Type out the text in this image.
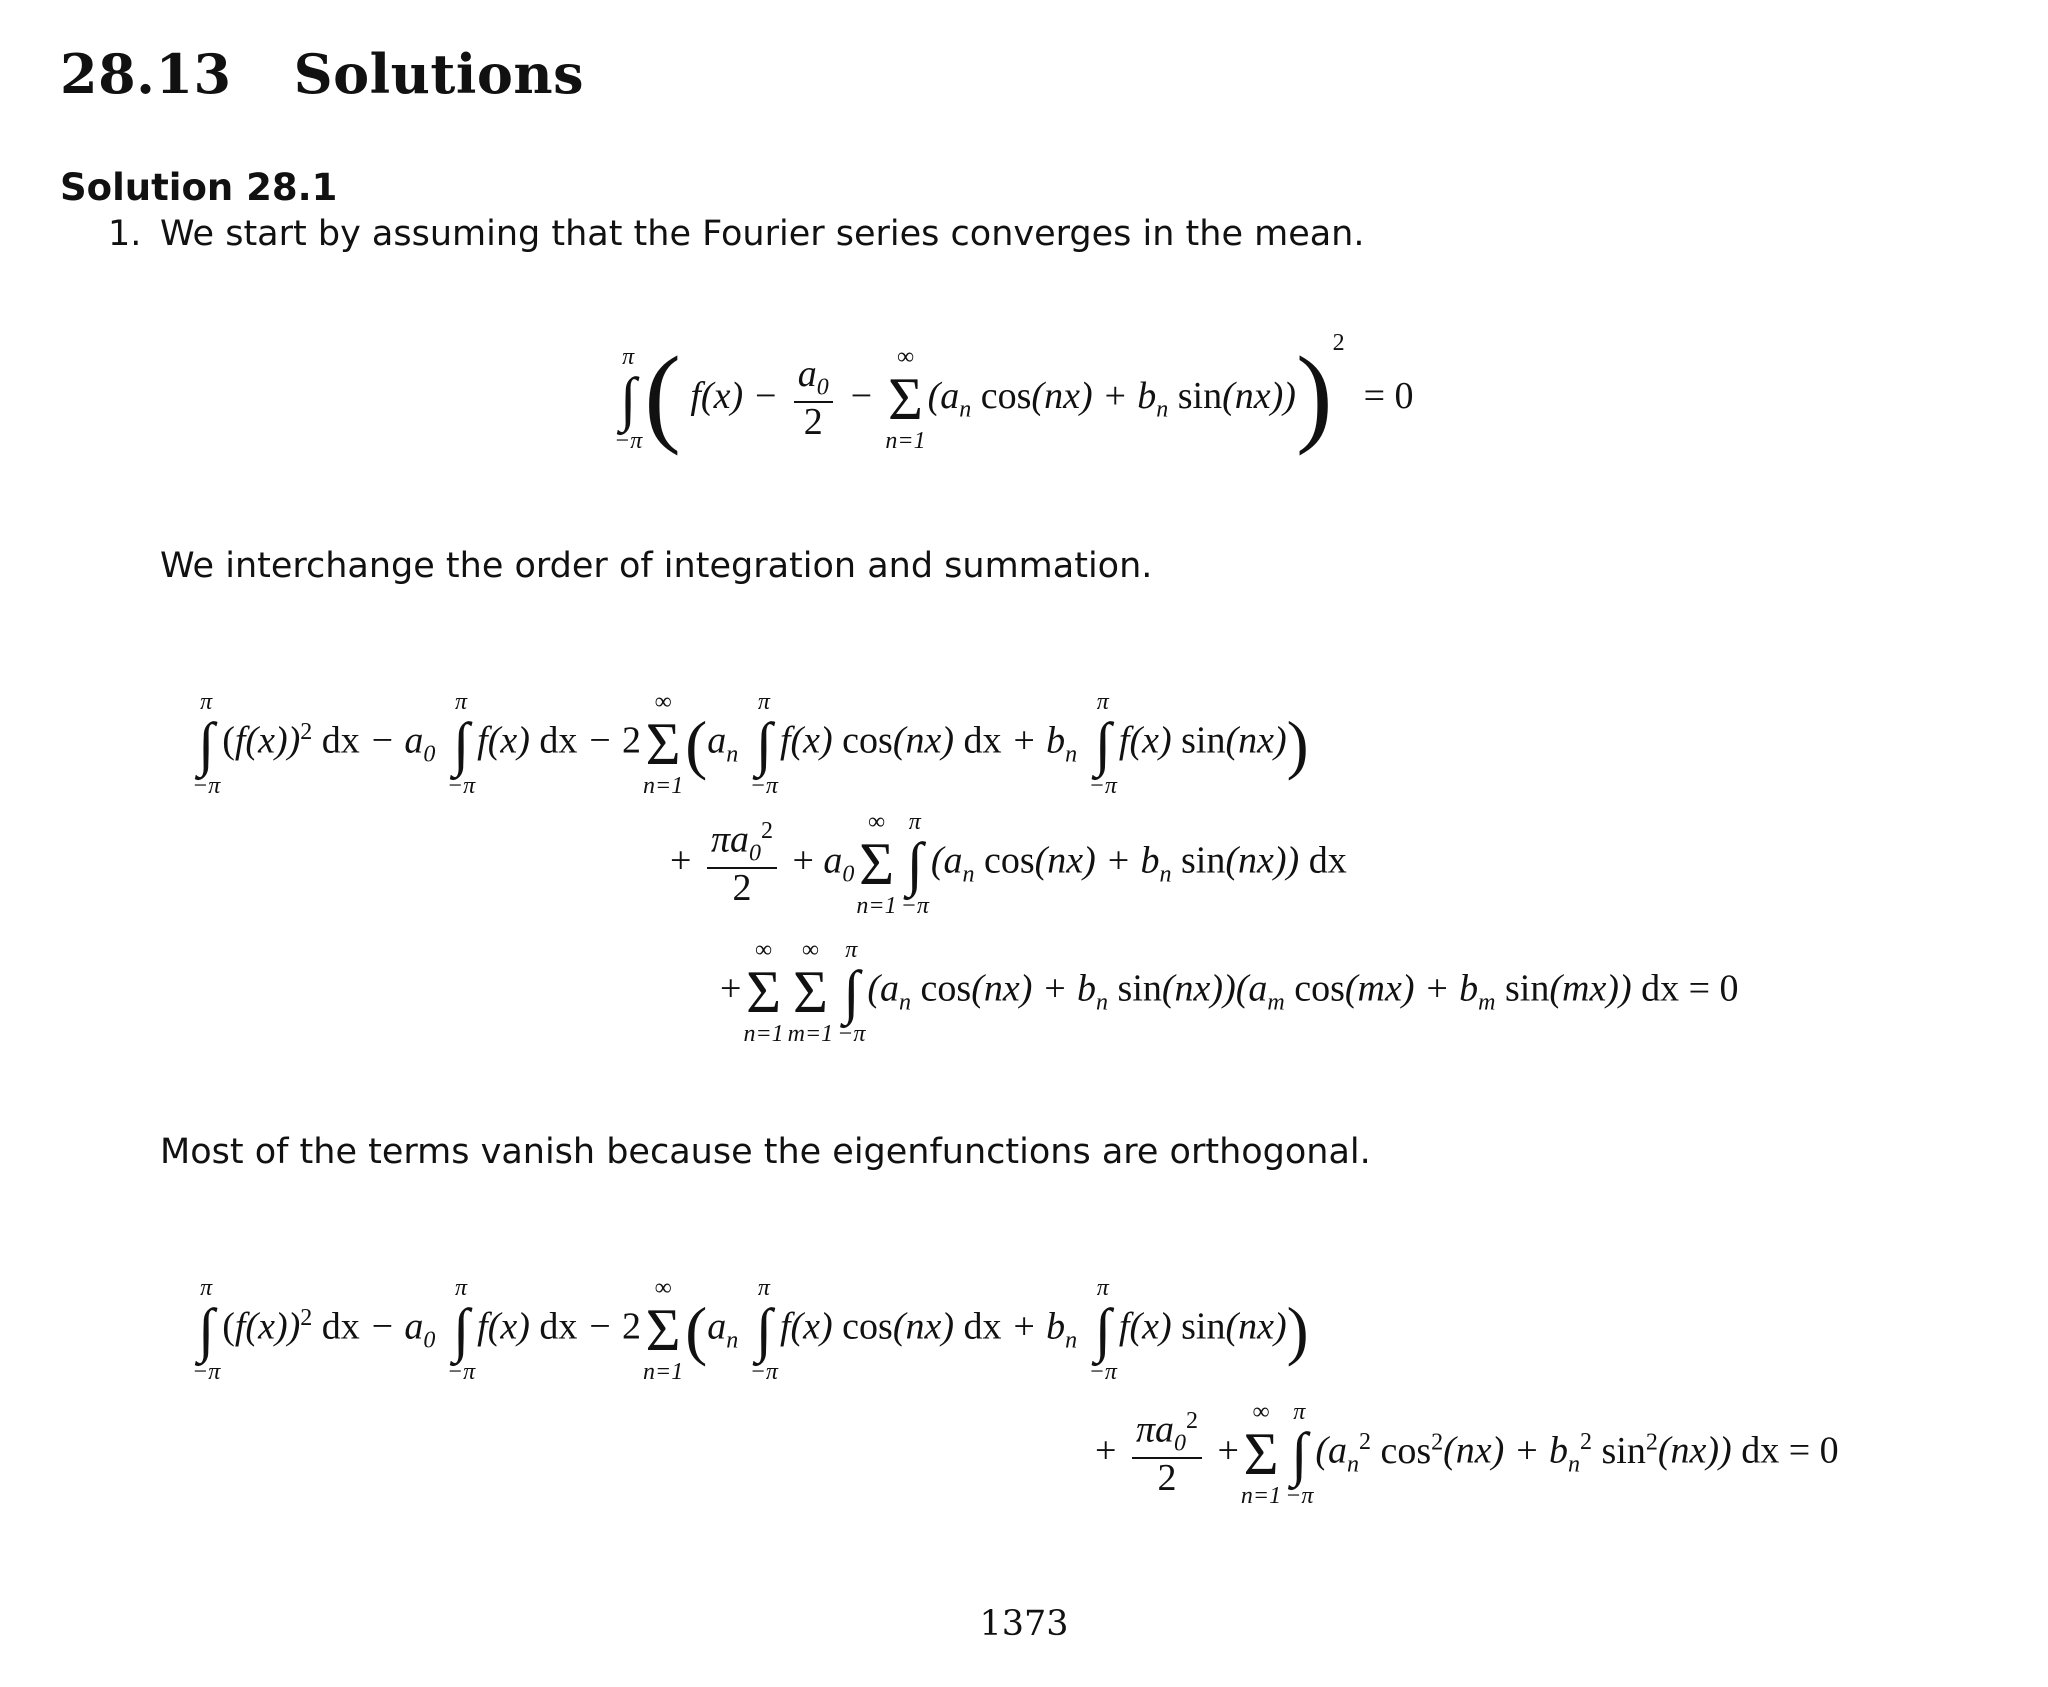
28.13 Solutions
Solution 28.1
1. We start by assuming that the Fourier series converges in the mean.
π
∫
−π ( $f(x) - \frac{a_0}{2}$ −
∞
Σ
n=1
($a_n$ $\cos(nx) + b_n$ sin(nx)))$^2$  = 0
We interchange the order of integration and summation.
π
∫
−π
$(f(x))^2$ dx − $a_0$
π
∫
−π
f(x) dx − 2
∞
Σ
n=1
($a_n$
π
∫
−π
f(x) cos(nx) dx + $b_n$
π
∫
−π
f(x) sin(nx))
+ $\frac{\pi a_0^2}{2} + a_0$
∞
Σ
n=1
π
∫
−π
($a_n$ $\cos(nx) + b_n$ sin(nx)) dx
+
∞
Σ
n=1
∞
Σ
m=1
π
∫
−π
($a_n$ $\cos(nx) + b_n$ $\sin(nx))(a_m$ $\cos(mx) + b_m$ sin(mx)) dx = 0
Most of the terms vanish because the eigenfunctions are orthogonal.
π
∫
−π
$(f(x))^2$ dx − $a_0$
π
∫
−π
f(x) dx − 2
∞
Σ
n=1
($a_n$
π
∫
−π
f(x) cos(nx) dx + $b_n$
π
∫
−π
f(x) sin(nx))
+ $\frac{\pi a_0^2}{2}$ +
∞
Σ
n=1
π
∫
−π
($a_n^2$ $\cos^2(nx) + b_n^2$ $\sin^2(nx)$) dx = 0
1373
